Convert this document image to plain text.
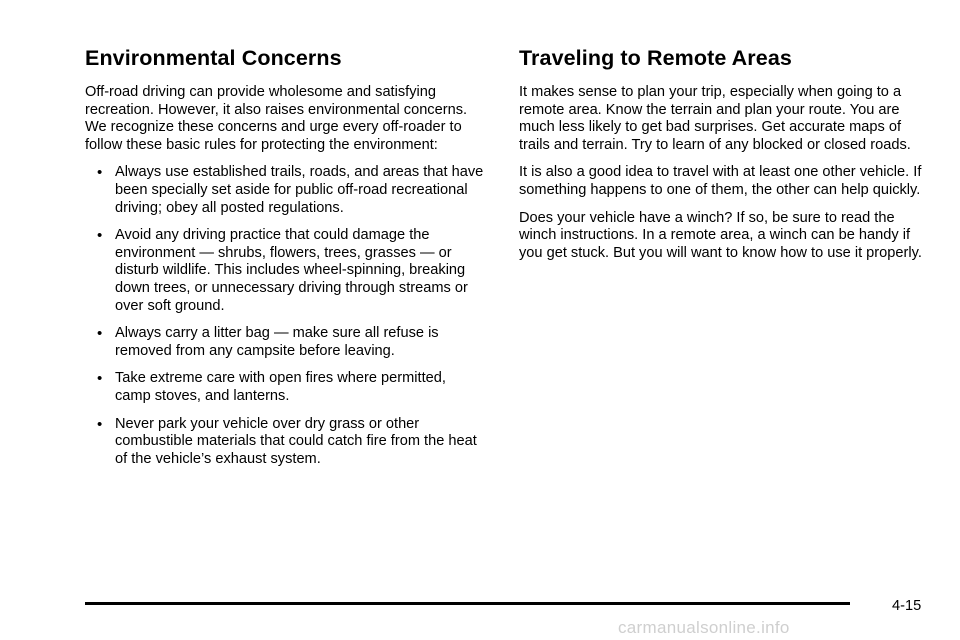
Environmental Concerns

Off-road driving can provide wholesome and satisfying recreation. However, it also raises environmental concerns. We recognize these concerns and urge every off-roader to follow these basic rules for protecting the environment:

• Always use established trails, roads, and areas that have been specially set aside for public off-road recreational driving; obey all posted regulations.
• Avoid any driving practice that could damage the environment — shrubs, flowers, trees, grasses — or disturb wildlife. This includes wheel-spinning, breaking down trees, or unnecessary driving through streams or over soft ground.
• Always carry a litter bag — make sure all refuse is removed from any campsite before leaving.
• Take extreme care with open fires where permitted, camp stoves, and lanterns.
• Never park your vehicle over dry grass or other combustible materials that could catch fire from the heat of the vehicle’s exhaust system.
Traveling to Remote Areas

It makes sense to plan your trip, especially when going to a remote area. Know the terrain and plan your route. You are much less likely to get bad surprises. Get accurate maps of trails and terrain. Try to learn of any blocked or closed roads.

It is also a good idea to travel with at least one other vehicle. If something happens to one of them, the other can help quickly.

Does your vehicle have a winch? If so, be sure to read the winch instructions. In a remote area, a winch can be handy if you get stuck. But you will want to know how to use it properly.

4-15
carmanualsonline.info
